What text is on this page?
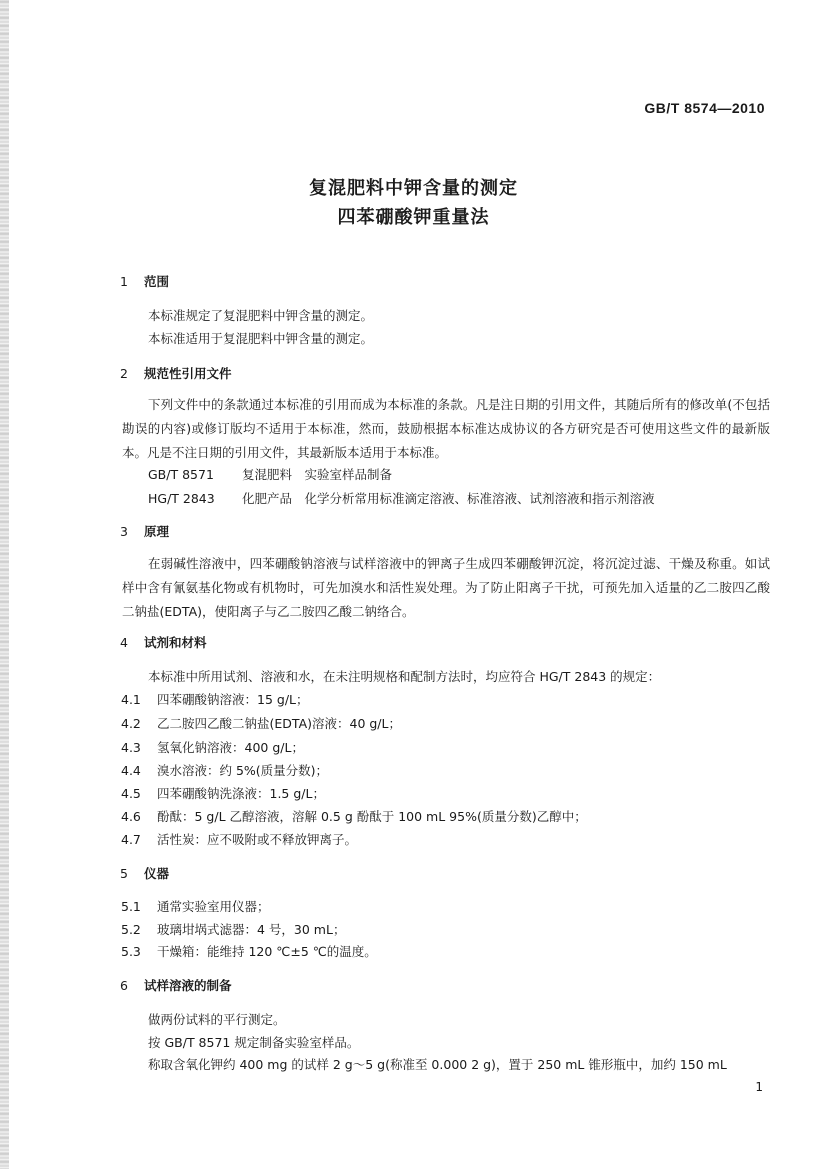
GB/T 8574—2010
复混肥料中钾含量的测定
四苯硼酸钾重量法
1 范围
本标准规定了复混肥料中钾含量的测定。
本标准适用于复混肥料中钾含量的测定。
2 规范性引用文件
下列文件中的条款通过本标准的引用而成为本标准的条款。凡是注日期的引用文件，其随后所有的修改单(不包括勘误的内容)或修订版均不适用于本标准，然而，鼓励根据本标准达成协议的各方研究是否可使用这些文件的最新版本。凡是不注日期的引用文件，其最新版本适用于本标准。
GB/T 8571 复混肥料　实验室样品制备
HG/T 2843 化肥产品　化学分析常用标准滴定溶液、标准溶液、试剂溶液和指示剂溶液
3 原理
在弱碱性溶液中，四苯硼酸钠溶液与试样溶液中的钾离子生成四苯硼酸钾沉淀，将沉淀过滤、干燥及称重。如试样中含有氰氨基化物或有机物时，可先加溴水和活性炭处理。为了防止阳离子干扰，可预先加入适量的乙二胺四乙酸二钠盐(EDTA)，使阳离子与乙二胺四乙酸二钠络合。
4 试剂和材料
本标准中所用试剂、溶液和水，在未注明规格和配制方法时，均应符合 HG/T 2843 的规定：
4.1 四苯硼酸钠溶液：15 g/L；
4.2 乙二胺四乙酸二钠盐(EDTA)溶液：40 g/L；
4.3 氢氧化钠溶液：400 g/L；
4.4 溴水溶液：约 5%(质量分数)；
4.5 四苯硼酸钠洗涤液：1.5 g/L；
4.6 酚酞：5 g/L 乙醇溶液，溶解 0.5 g 酚酞于 100 mL 95%(质量分数)乙醇中；
4.7 活性炭：应不吸附或不释放钾离子。
5 仪器
5.1 通常实验室用仪器；
5.2 玻璃坩埚式滤器：4 号，30 mL；
5.3 干燥箱：能维持 120 ℃±5 ℃的温度。
6 试样溶液的制备
做两份试料的平行测定。
按 GB/T 8571 规定制备实验室样品。
称取含氧化钾约 400 mg 的试样 2 g～5 g(称准至 0.000 2 g)，置于 250 mL 锥形瓶中，加约 150 mL
1
